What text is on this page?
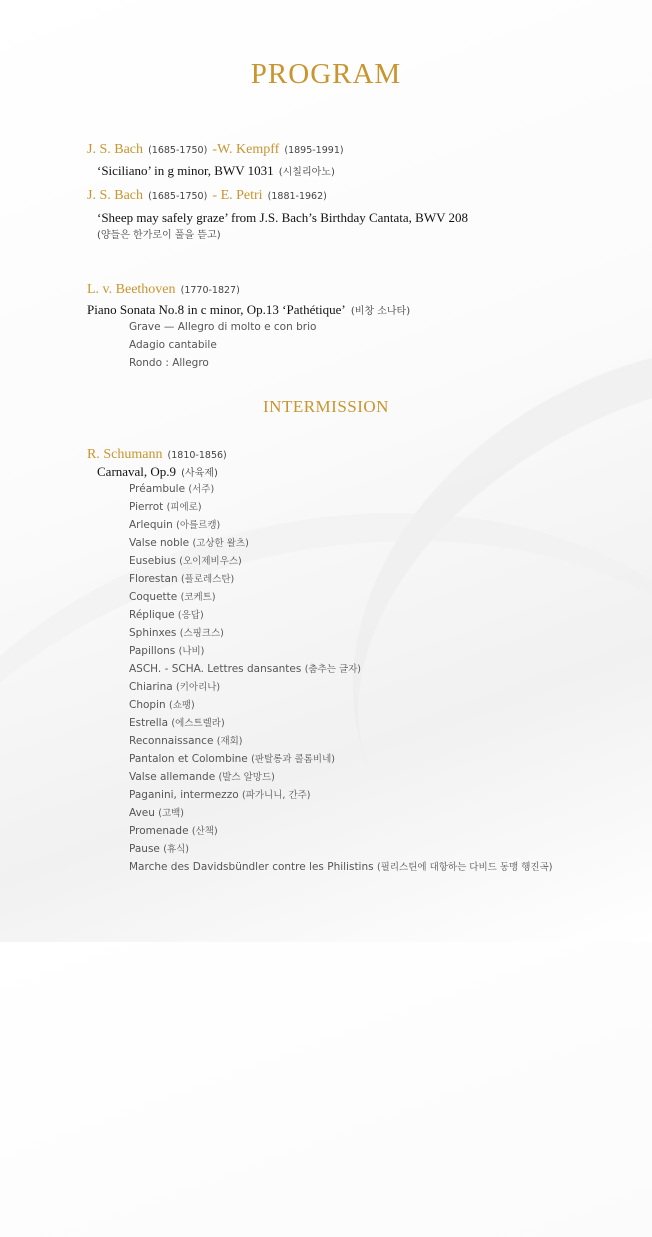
PROGRAM
J. S. Bach (1685-1750) -W. Kempff (1895-1991)
‘Siciliano’ in g minor, BWV 1031 (시칠리아노)
J. S. Bach (1685-1750) - E. Petri (1881-1962)
‘Sheep may safely graze’ from J.S. Bach’s Birthday Cantata, BWV 208
(양들은 한가로이 풀을 뜯고)
L. v. Beethoven (1770-1827)
Piano Sonata No.8 in c minor, Op.13 ‘Pathétique’ (비창 소나타)
Grave — Allegro di molto e con brio
Adagio cantabile
Rondo : Allegro
INTERMISSION
R. Schumann (1810-1856)
Carnaval, Op.9 (사육제)
Préambule (서주)
Pierrot (피에로)
Arlequin (아를르캥)
Valse noble (고상한 왈츠)
Eusebius (오이제비우스)
Florestan (플로레스탄)
Coquette (코케트)
Réplique (응답)
Sphinxes (스핑크스)
Papillons (나비)
ASCH. - SCHA. Lettres dansantes (춤추는 글자)
Chiarina (키아리나)
Chopin (쇼팽)
Estrella (에스트렐라)
Reconnaissance (재회)
Pantalon et Colombine (판탈롱과 콜롬비네)
Valse allemande (발스 알망드)
Paganini, intermezzo (파가니니, 간주)
Aveu (고백)
Promenade (산책)
Pause (휴식)
Marche des Davidsbündler contre les Philistins (필리스틴에 대항하는 다비드 동맹 행진곡)
